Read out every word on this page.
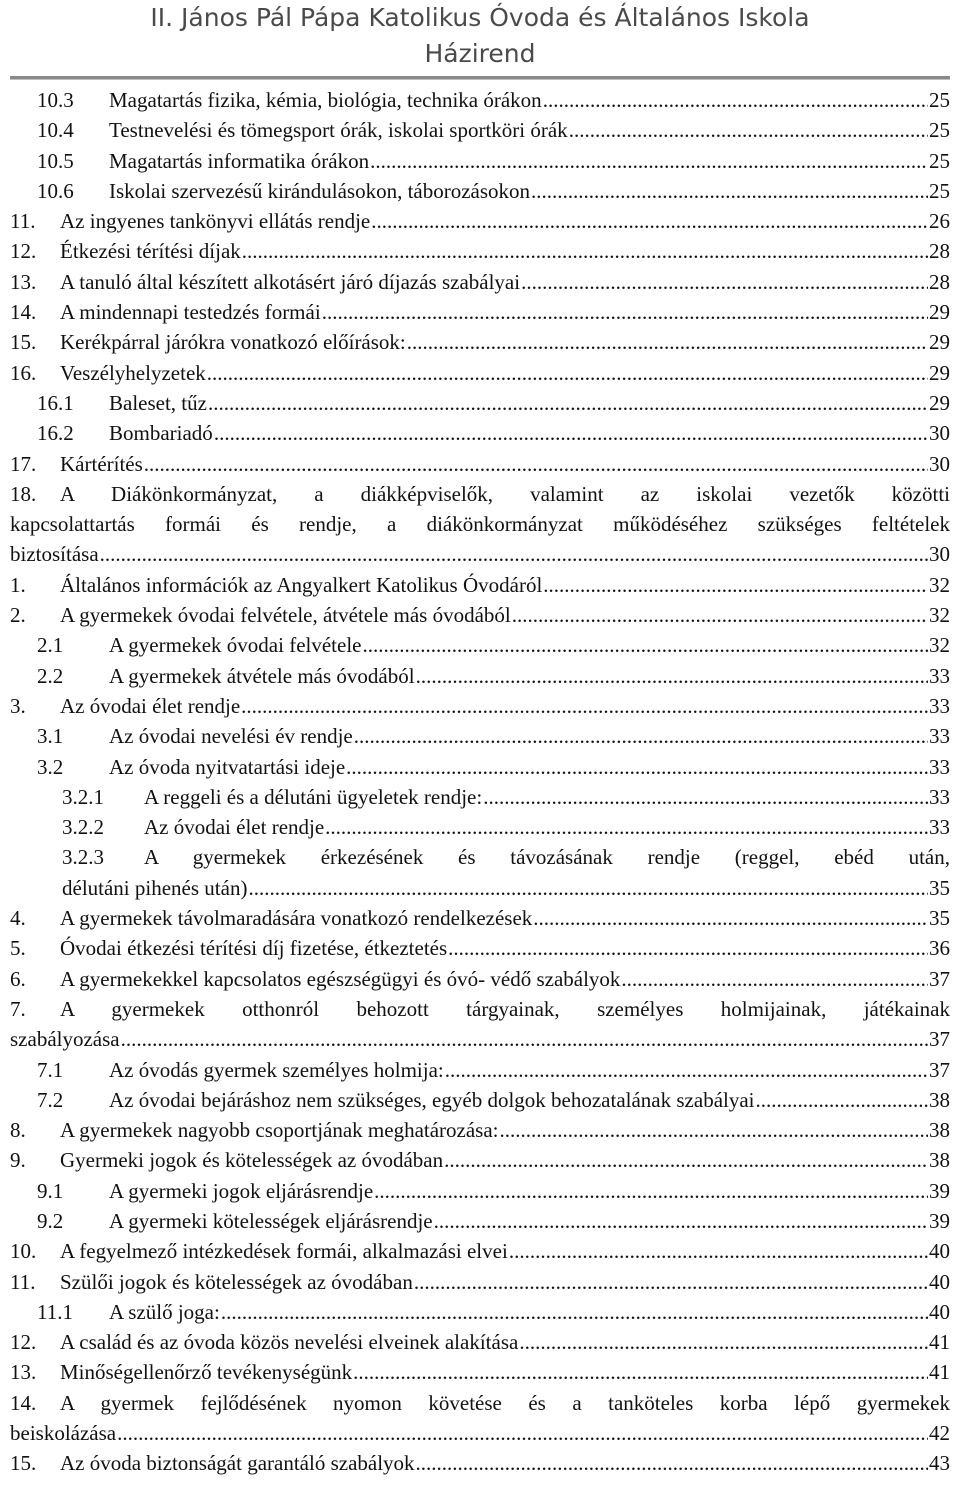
II. János Pál Pápa Katolikus Óvoda és Általános Iskola
Házirend
10.3	Magatartás fizika, kémia, biológia, technika órákon .....	25
10.4	Testnevelési és tömegsport órák, iskolai sportköri órák .....	25
10.5	Magatartás informatika órákon .....	25
10.6	Iskolai szervezésű kirándulásokon, táborozásokon .....	25
11.	Az ingyenes tankönyvi ellátás rendje .....	26
12.	Étkezési térítési díjak .....	28
13.	A tanuló által készített alkotásért járó díjazás szabályai .....	28
14.	A mindennapi testedzés formái .....	29
15.	Kerékpárral járókra vonatkozó előírások: .....	29
16.	Veszélyhelyzetek .....	29
16.1	Baleset, tűz .....	29
16.2	Bombariadó .....	30
17.	Kártérítés .....	30
18.	A Diákönkormányzat, a diákképviselők, valamint az iskolai vezetők közötti
kapcsolattartás formái és rendje, a diákönkormányzat működéséhez szükséges feltételek
biztosítása .....	30
1.	Általános információk az Angyalkert Katolikus Óvodáról .....	32
2.	A gyermekek óvodai felvétele, átvétele más óvodából .....	32
2.1	A gyermekek óvodai felvétele .....	32
2.2	A gyermekek átvétele más óvodából .....	33
3.	Az óvodai élet rendje .....	33
3.1	Az óvodai nevelési év rendje .....	33
3.2	Az óvoda nyitvatartási ideje .....	33
3.2.1	A reggeli és a délutáni ügyeletek rendje: .....	33
3.2.2	Az óvodai élet rendje .....	33
3.2.3	A gyermekek érkezésének és távozásának rendje (reggel, ebéd után,
délutáni pihenés után) .....	35
4.	A gyermekek távolmaradására vonatkozó rendelkezések .....	35
5.	Óvodai étkezési térítési díj fizetése, étkeztetés .....	36
6.	A gyermekekkel kapcsolatos egészségügyi és óvó- védő szabályok .....	37
7.	A gyermekek otthonról behozott tárgyainak, személyes holmijainak, játékainak
szabályozása .....	37
7.1	Az óvodás gyermek személyes holmija: .....	37
7.2	Az óvodai bejáráshoz nem szükséges, egyéb dolgok behozatalának szabályai .....	38
8.	A gyermekek nagyobb csoportjának meghatározása: .....	38
9.	Gyermeki jogok és kötelességek az óvodában .....	38
9.1	A gyermeki jogok eljárásrendje .....	39
9.2	A gyermeki kötelességek eljárásrendje .....	39
10.	A fegyelmező intézkedések formái, alkalmazási elvei .....	40
11.	Szülői jogok és kötelességek az óvodában .....	40
11.1	A szülő joga: .....	40
12.	A család és az óvoda közös nevelési elveinek alakítása .....	41
13.	Minőségellenőrző tevékenységünk .....	41
14.	A gyermek fejlődésének nyomon követése és a tanköteles korba lépő gyermekek
beiskolázása .....	42
15.	Az óvoda biztonságát garantáló szabályok .....	43
